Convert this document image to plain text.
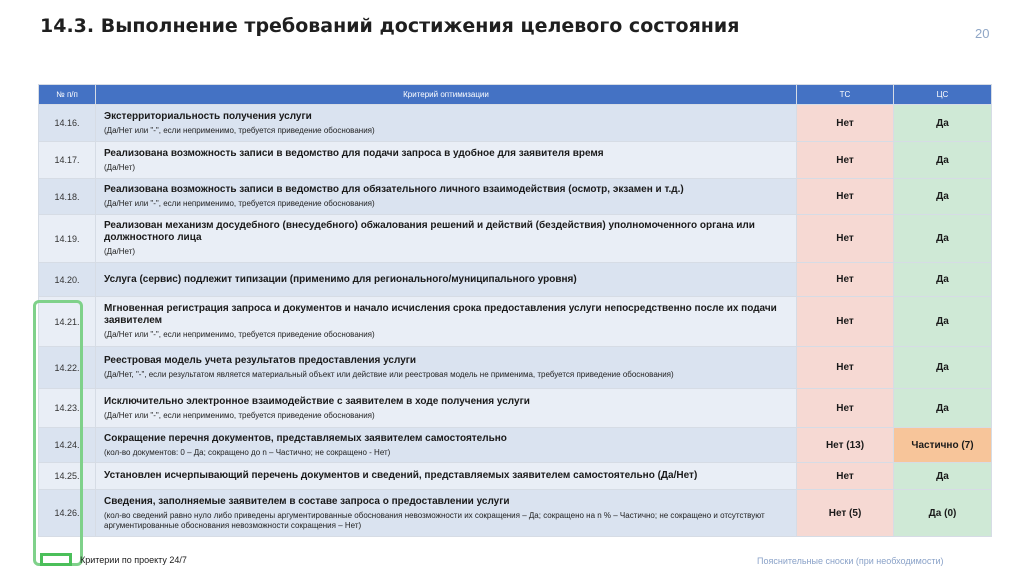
14.3. Выполнение требований достижения целевого состояния	20
№ п/п	Критерий оптимизации	ТС	ЦС
14.16.	Экстерриториальность получения услуги
(Да/Нет или "-", если неприменимо, требуется приведение обоснования)	Нет	Да
14.17.	Реализована возможность записи в ведомство для подачи запроса в удобное для заявителя время
(Да/Нет)	Нет	Да
14.18.	Реализована возможность записи в ведомство для обязательного личного взаимодействия (осмотр, экзамен и т.д.)
(Да/Нет или "-", если неприменимо, требуется приведение обоснования)	Нет	Да
14.19.	Реализован механизм досудебного (внесудебного) обжалования решений и действий (бездействия) уполномоченного органа или должностного лица
(Да/Нет)	Нет	Да
14.20.	Услуга (сервис) подлежит типизации (применимо для регионального/муниципального уровня)	Нет	Да
14.21.	Мгновенная регистрация запроса и документов и начало исчисления срока предоставления услуги непосредственно после их подачи заявителем
(Да/Нет или "-", если неприменимо, требуется приведение обоснования)	Нет	Да
14.22.	Реестровая модель учета результатов предоставления услуги
(Да/Нет, "-", если результатом является материальный объект или действие или реестровая модель не применима, требуется приведение обоснования)	Нет	Да
14.23.	Исключительно электронное взаимодействие с заявителем в ходе получения услуги
(Да/Нет или "-", если неприменимо, требуется приведение обоснования)	Нет	Да
14.24.	Сокращение перечня документов, представляемых заявителем самостоятельно
(кол-во документов: 0 – Да; сокращено до n – Частично; не сокращено - Нет)	Нет (13)	Частично (7)
14.25.	Установлен исчерпывающий перечень документов и сведений, представляемых заявителем самостоятельно (Да/Нет)	Нет	Да
14.26.	Сведения, заполняемые заявителем в составе запроса о предоставлении услуги
(кол-во сведений равно нуло либо приведены аргументированные обоснования невозможности их сокращения – Да; сокращено на n % – Частично; не сокращено и отсутствуют аргументированные обоснования невозможности сокращения – Нет)	Нет (5)	Да (0)
Критерии по проекту 24/7	Пояснительные сноски (при необходимости)
